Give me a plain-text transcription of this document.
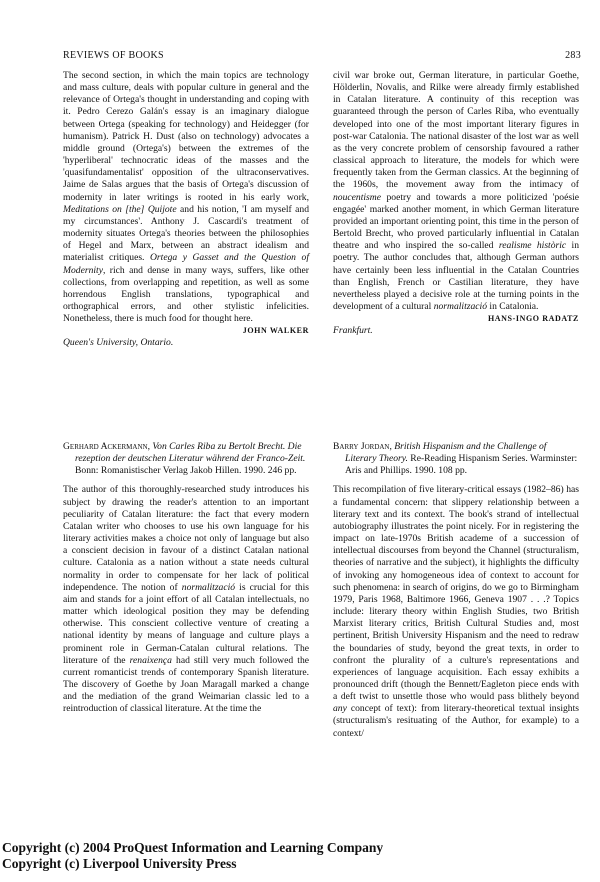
REVIEWS OF BOOKS	283

The second section, in which the main topics are technology and mass culture, deals with popular culture in general and the relevance of Ortega's thought in understanding and coping with it. Pedro Cerezo Galán's essay is an imaginary dialogue between Ortega (speaking for technology) and Heidegger (for humanism). Patrick H. Dust (also on technology) advocates a middle ground (Ortega's) between the extremes of the 'hyperliberal' technocratic ideas of the masses and the 'quasifundamentalist' opposition of the ultraconservatives. Jaime de Salas argues that the basis of Ortega's discussion of modernity in later writings is rooted in his early work, Meditations on [the] Quijote and his notion, 'I am myself and my circumstances'. Anthony J. Cascardi's treatment of modernity situates Ortega's theories between the philosophies of Hegel and Marx, between an abstract idealism and materialist critiques. Ortega y Gasset and the Question of Modernity, rich and dense in many ways, suffers, like other collections, from overlapping and repetition, as well as some horrendous English translations, typographical and orthographical errors, and other stylistic infelicities. Nonetheless, there is much food for thought here.

JOHN WALKER

Queen's University, Ontario.

civil war broke out, German literature, in particular Goethe, Hölderlin, Novalis, and Rilke were already firmly established in Catalan literature. A continuity of this reception was guaranteed through the person of Carles Riba, who eventually developed into one of the most important literary figures in post-war Catalonia. The national disaster of the lost war as well as the very concrete problem of censorship favoured a rather classical approach to literature, the models for which were frequently taken from the German classics. At the beginning of the 1960s, the movement away from the intimacy of noucentisme poetry and towards a more politicized 'poésie engagée' marked another moment, in which German literature provided an important orienting point, this time in the person of Bertold Brecht, who proved particularly influential in Catalan theatre and who inspired the so-called realisme històric in poetry. The author concludes that, although German authors have certainly been less influential in the Catalan Countries than English, French or Castilian literature, they have nevertheless played a decisive role at the turning points in the development of a cultural normalització in Catalonia.

HANS-INGO RADATZ

Frankfurt.

Gerhard Ackermann, Von Carles Riba zu Bertolt Brecht. Die rezeption der deutschen Literatur während der Franco-Zeit. Bonn: Romanistischer Verlag Jakob Hillen. 1990. 246 pp.

The author of this thoroughly-researched study introduces his subject by drawing the reader's attention to an important peculiarity of Catalan literature: the fact that every modern Catalan writer who chooses to use his own language for his literary activities makes a choice not only of language but also a conscient decision in favour of a distinct Catalan national culture. Catalonia as a nation without a state needs cultural normality in order to compensate for her lack of political independence. The notion of normalització is crucial for this aim and stands for a joint effort of all Catalan intellectuals, no matter which ideological position they may be defending otherwise. This conscient collective venture of creating a national identity by means of language and culture plays a prominent role in German-Catalan cultural relations. The literature of the renaixença had still very much followed the current romanticist trends of contemporary Spanish literature. The discovery of Goethe by Joan Maragall marked a change and the mediation of the grand Weimarian classic led to a reintroduction of classical literature. At the time the

Barry Jordan, British Hispanism and the Challenge of Literary Theory. Re-Reading Hispanism Series. Warminster: Aris and Phillips. 1990. 108 pp.

This recompilation of five literary-critical essays (1982–86) has a fundamental concern: that slippery relationship between a literary text and its context. The book's strand of intellectual autobiography illustrates the point nicely. For in registering the impact on late-1970s British academe of a succession of intellectual discourses from beyond the Channel (structuralism, theories of narrative and the subject), it highlights the difficulty of invoking any homogeneous idea of context to account for such phenomena: in search of origins, do we go to Birmingham 1979, Paris 1968, Baltimore 1966, Geneva 1907 . . .? Topics include: literary theory within English Studies, two British Marxist literary critics, British Cultural Studies and, most pertinent, British University Hispanism and the need to redraw the boundaries of study, beyond the great texts, in order to confront the plurality of a culture's representations and experiences of language acquisition. Each essay exhibits a pronounced drift (though the Bennett/Eagleton piece ends with a deft twist to unsettle those who would pass blithely beyond any concept of text): from literary-theoretical textual insights (structuralism's resituating of the Author, for example) to a context/

Copyright (c) 2004 ProQuest Information and Learning Company
Copyright (c) Liverpool University Press
